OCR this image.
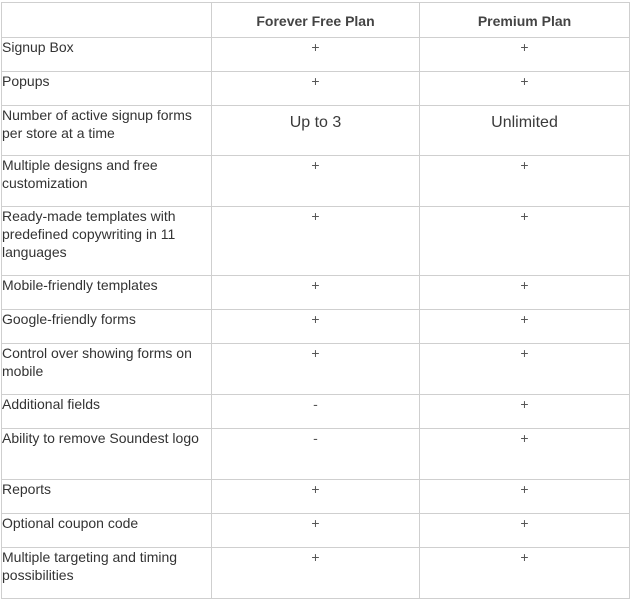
	Forever Free Plan	Premium Plan
Signup Box	+	+
Popups	+	+
Number of active signup forms per store at a time	Up to 3	Unlimited
Multiple designs and free customization	+	+
Ready-made templates with predefined copywriting in 11 languages	+	+
Mobile-friendly templates	+	+
Google-friendly forms	+	+
Control over showing forms on mobile	+	+
Additional fields	-	+
Ability to remove Soundest logo	-	+
Reports	+	+
Optional coupon code	+	+
Multiple targeting and timing possibilities	+	+
